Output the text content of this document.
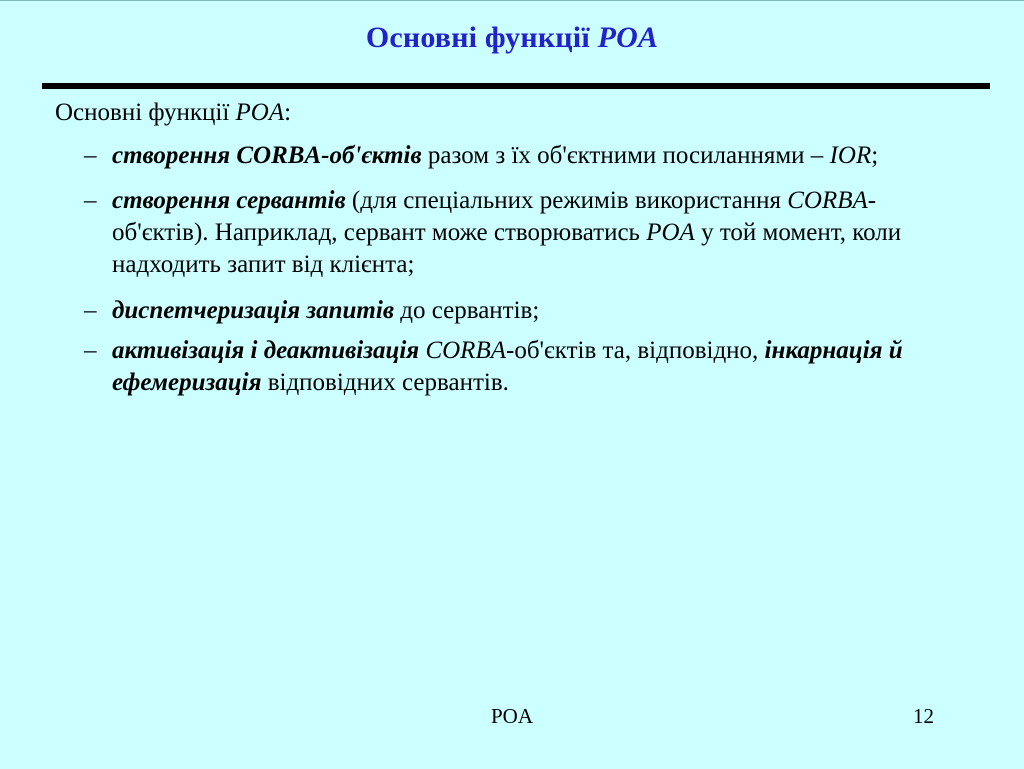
Основні функції POA

Основні функції POA:

– створення CORBA-об'єктів разом з їх об'єктними посиланнями – IOR;
– створення сервантів (для спеціальних режимів використання CORBA-об'єктів). Наприклад, сервант може створюватись POA у той момент, коли надходить запит від клієнта;
– диспетчеризація запитів до сервантів;
– активізація і деактивізація CORBA-об'єктів та, відповідно, інкарнація й ефемеризація відповідних сервантів.
POA	12
